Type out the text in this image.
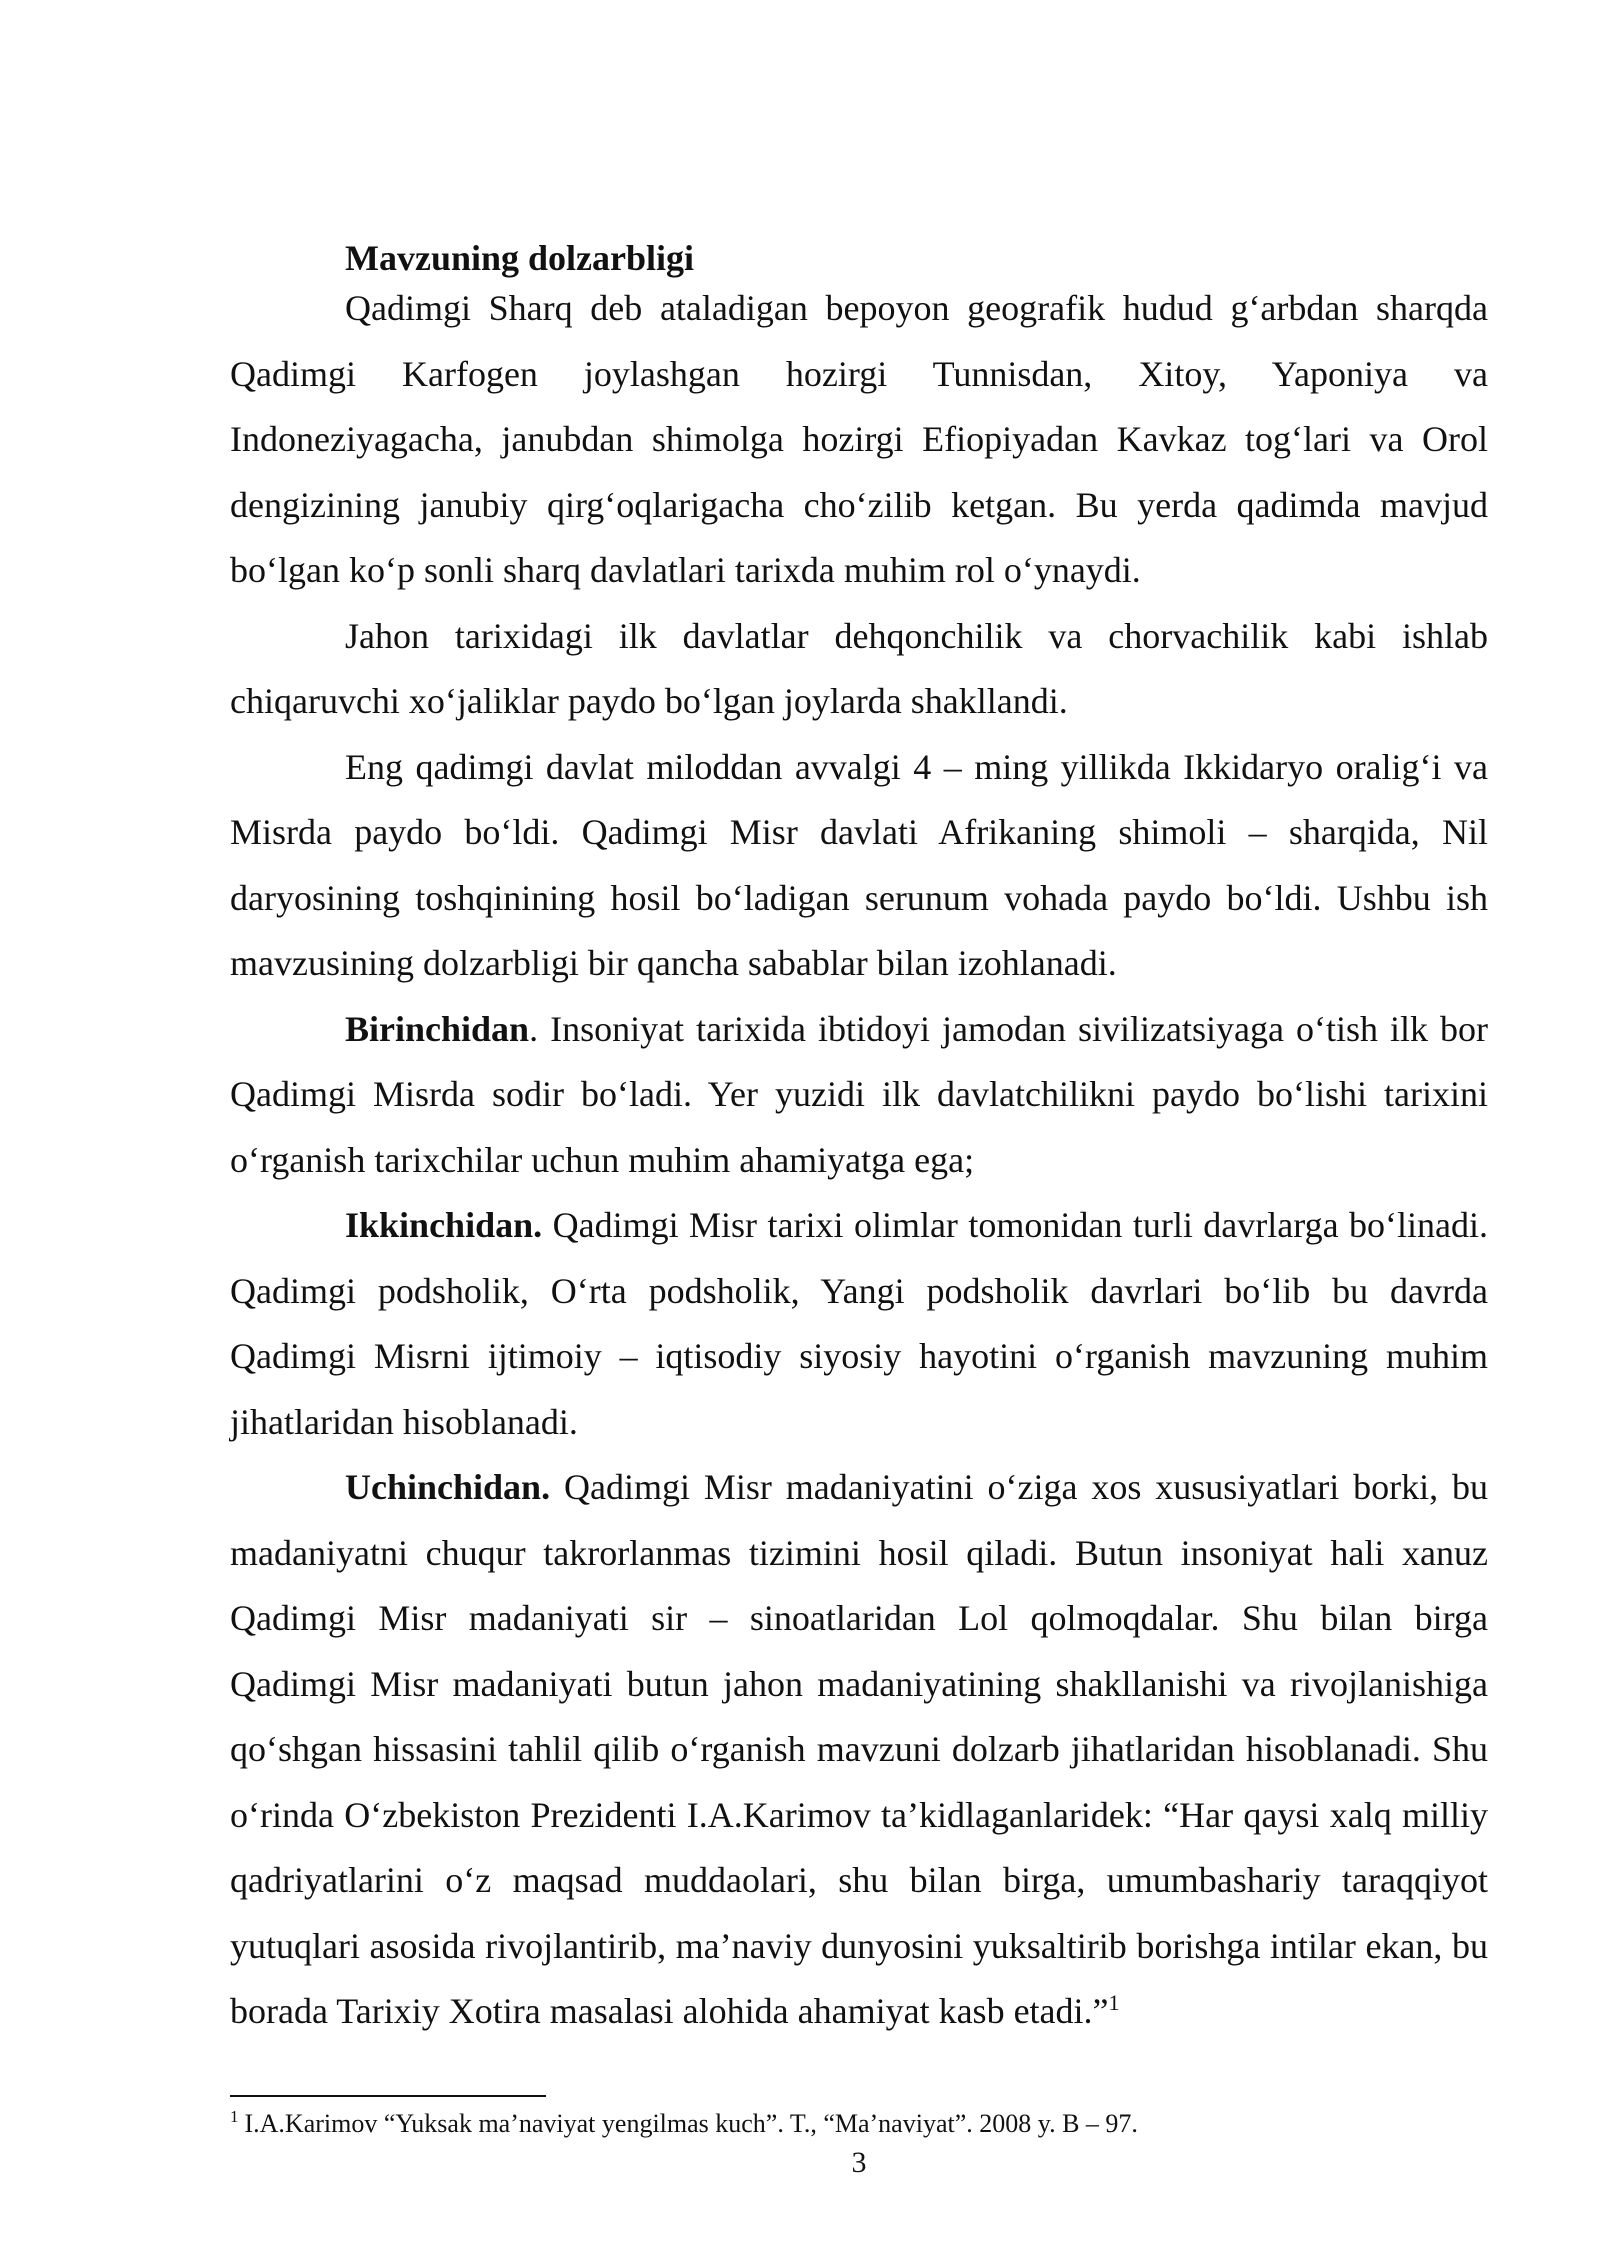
Mavzuning dolzarbligi

Qadimgi Sharq deb ataladigan bepoyon geografik hudud g‘arbdan sharqda Qadimgi Karfogen joylashgan hozirgi Tunnisdan, Xitoy, Yaponiya va Indoneziyagacha, janubdan shimolga hozirgi Efiopiyadan Kavkaz tog‘lari va Orol dengizining janubiy qirg‘oqlarigacha cho‘zilib ketgan. Bu yerda qadimda mavjud bo‘lgan ko‘p sonli sharq davlatlari tarixda muhim rol o‘ynaydi.

Jahon tarixidagi ilk davlatlar dehqonchilik va chorvachilik kabi ishlab chiqaruvchi xo‘jaliklar paydo bo‘lgan joylarda shakllandi.

Eng qadimgi davlat miloddan avvalgi 4 – ming yillikda Ikkidaryo oralig‘i va Misrda paydo bo‘ldi. Qadimgi Misr davlati Afrikaning shimoli – sharqida, Nil daryosining toshqinining hosil bo‘ladigan serunum vohada paydo bo‘ldi. Ushbu ish mavzusining dolzarbligi bir qancha sabablar bilan izohlanadi.

Birinchidan. Insoniyat tarixida ibtidoyi jamodan sivilizatsiyaga o‘tish ilk bor Qadimgi Misrda sodir bo‘ladi. Yer yuzidi ilk davlatchilikni paydo bo‘lishi tarixini o‘rganish tarixchilar uchun muhim ahamiyatga ega;

Ikkinchidan. Qadimgi Misr tarixi olimlar tomonidan turli davrlarga bo‘linadi. Qadimgi podsholik, O‘rta podsholik, Yangi podsholik davrlari bo‘lib bu davrda Qadimgi Misrni ijtimoiy – iqtisodiy siyosiy hayotini o‘rganish mavzuning muhim jihatlaridan hisoblanadi.

Uchinchidan. Qadimgi Misr madaniyatini o‘ziga xos xususiyatlari borki, bu madaniyatni chuqur takrorlanmas tizimini hosil qiladi. Butun insoniyat hali xanuz Qadimgi Misr madaniyati sir – sinoatlaridan Lol qolmoqdalar. Shu bilan birga Qadimgi Misr madaniyati butun jahon madaniyatining shakllanishi va rivojlanishiga qo‘shgan hissasini tahlil qilib o‘rganish mavzuni dolzarb jihatlaridan hisoblanadi. Shu o‘rinda O‘zbekiston Prezidenti I.A.Karimov ta’kidlaganlaridek: “Har qaysi xalq milliy qadriyatlarini o‘z maqsad muddaolari, shu bilan birga, umumbashariy taraqqiyot yutuqlari asosida rivojlantirib, ma’naviy dunyosini yuksaltirib borishga intilar ekan, bu borada Tarixiy Xotira masalasi alohida ahamiyat kasb etadi.”$^1$

$^1$ I.A.Karimov “Yuksak ma’naviyat yengilmas kuch”. T., “Ma’naviyat”. 2008 y. B – 97.

3
